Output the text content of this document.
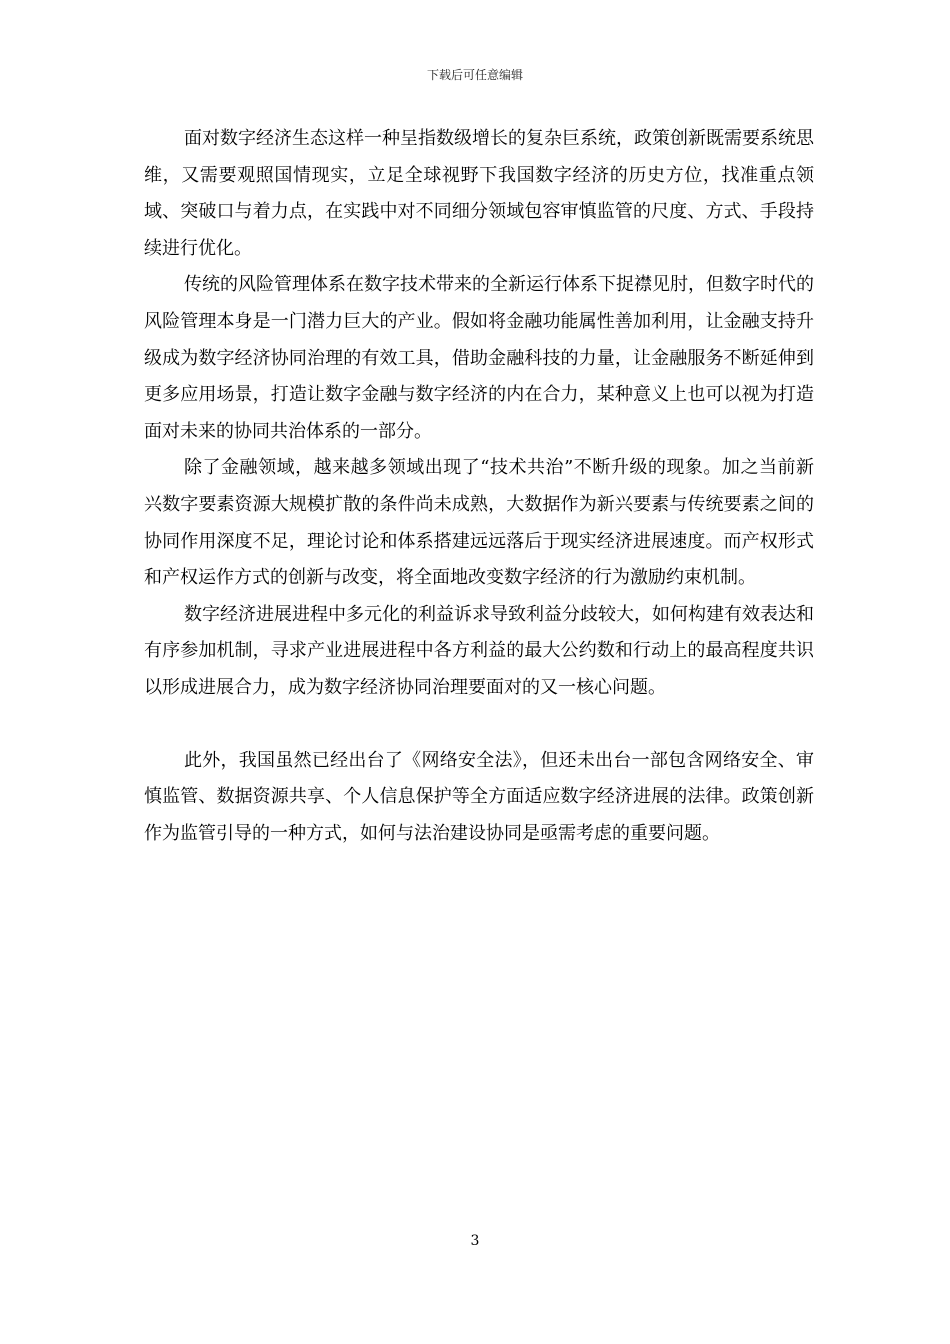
下载后可任意编辑

面对数字经济生态这样一种呈指数级增长的复杂巨系统，政策创新既需要系统思维，又需要观照国情现实，立足全球视野下我国数字经济的历史方位，找准重点领域、突破口与着力点，在实践中对不同细分领域包容审慎监管的尺度、方式、手段持续进行优化。

传统的风险管理体系在数字技术带来的全新运行体系下捉襟见肘，但数字时代的风险管理本身是一门潜力巨大的产业。假如将金融功能属性善加利用，让金融支持升级成为数字经济协同治理的有效工具，借助金融科技的力量，让金融服务不断延伸到更多应用场景，打造让数字金融与数字经济的内在合力，某种意义上也可以视为打造面对未来的协同共治体系的一部分。

除了金融领域，越来越多领域出现了“技术共治”不断升级的现象。加之当前新兴数字要素资源大规模扩散的条件尚未成熟，大数据作为新兴要素与传统要素之间的协同作用深度不足，理论讨论和体系搭建远远落后于现实经济进展速度。而产权形式和产权运作方式的创新与改变，将全面地改变数字经济的行为激励约束机制。

数字经济进展进程中多元化的利益诉求导致利益分歧较大，如何构建有效表达和有序参加机制，寻求产业进展进程中各方利益的最大公约数和行动上的最高程度共识以形成进展合力，成为数字经济协同治理要面对的又一核心问题。

此外，我国虽然已经出台了《网络安全法》，但还未出台一部包含网络安全、审慎监管、数据资源共享、个人信息保护等全方面适应数字经济进展的法律。政策创新作为监管引导的一种方式，如何与法治建设协同是亟需考虑的重要问题。

3
